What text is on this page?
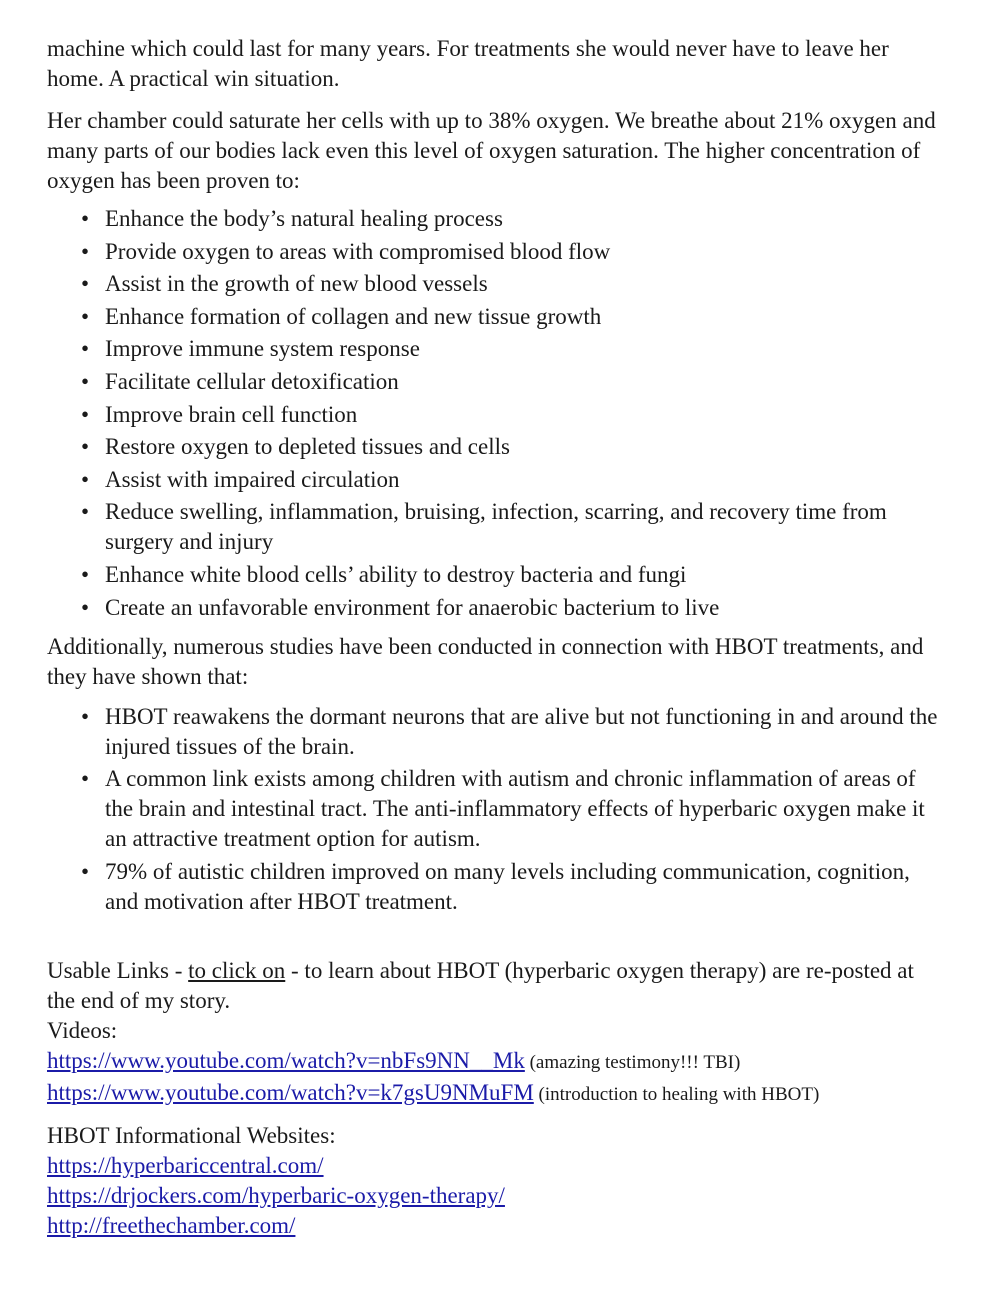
machine which could last for many years. For treatments she would never have to leave her home. A practical win situation.

Her chamber could saturate her cells with up to 38% oxygen. We breathe about 21% oxygen and many parts of our bodies lack even this level of oxygen saturation. The higher concentration of oxygen has been proven to:

• Enhance the body’s natural healing process
• Provide oxygen to areas with compromised blood flow
• Assist in the growth of new blood vessels
• Enhance formation of collagen and new tissue growth
• Improve immune system response
• Facilitate cellular detoxification
• Improve brain cell function
• Restore oxygen to depleted tissues and cells
• Assist with impaired circulation
• Reduce swelling, inflammation, bruising, infection, scarring, and recovery time from surgery and injury
• Enhance white blood cells’ ability to destroy bacteria and fungi
• Create an unfavorable environment for anaerobic bacterium to live

Additionally, numerous studies have been conducted in connection with HBOT treatments, and they have shown that:

• HBOT reawakens the dormant neurons that are alive but not functioning in and around the injured tissues of the brain.
• A common link exists among children with autism and chronic inflammation of areas of the brain and intestinal tract. The anti-inflammatory effects of hyperbaric oxygen make it an attractive treatment option for autism.
• 79% of autistic children improved on many levels including communication, cognition, and motivation after HBOT treatment.

Usable Links - to click on - to learn about HBOT (hyperbaric oxygen therapy) are re-posted at the end of my story.

Videos:

https://www.youtube.com/watch?v=nbFs9NN__Mk (amazing testimony!!! TBI)

https://www.youtube.com/watch?v=k7gsU9NMuFM (introduction to healing with HBOT)

HBOT Informational Websites:

https://hyperbariccentral.com/

https://drjockers.com/hyperbaric-oxygen-therapy/

http://freethechamber.com/
